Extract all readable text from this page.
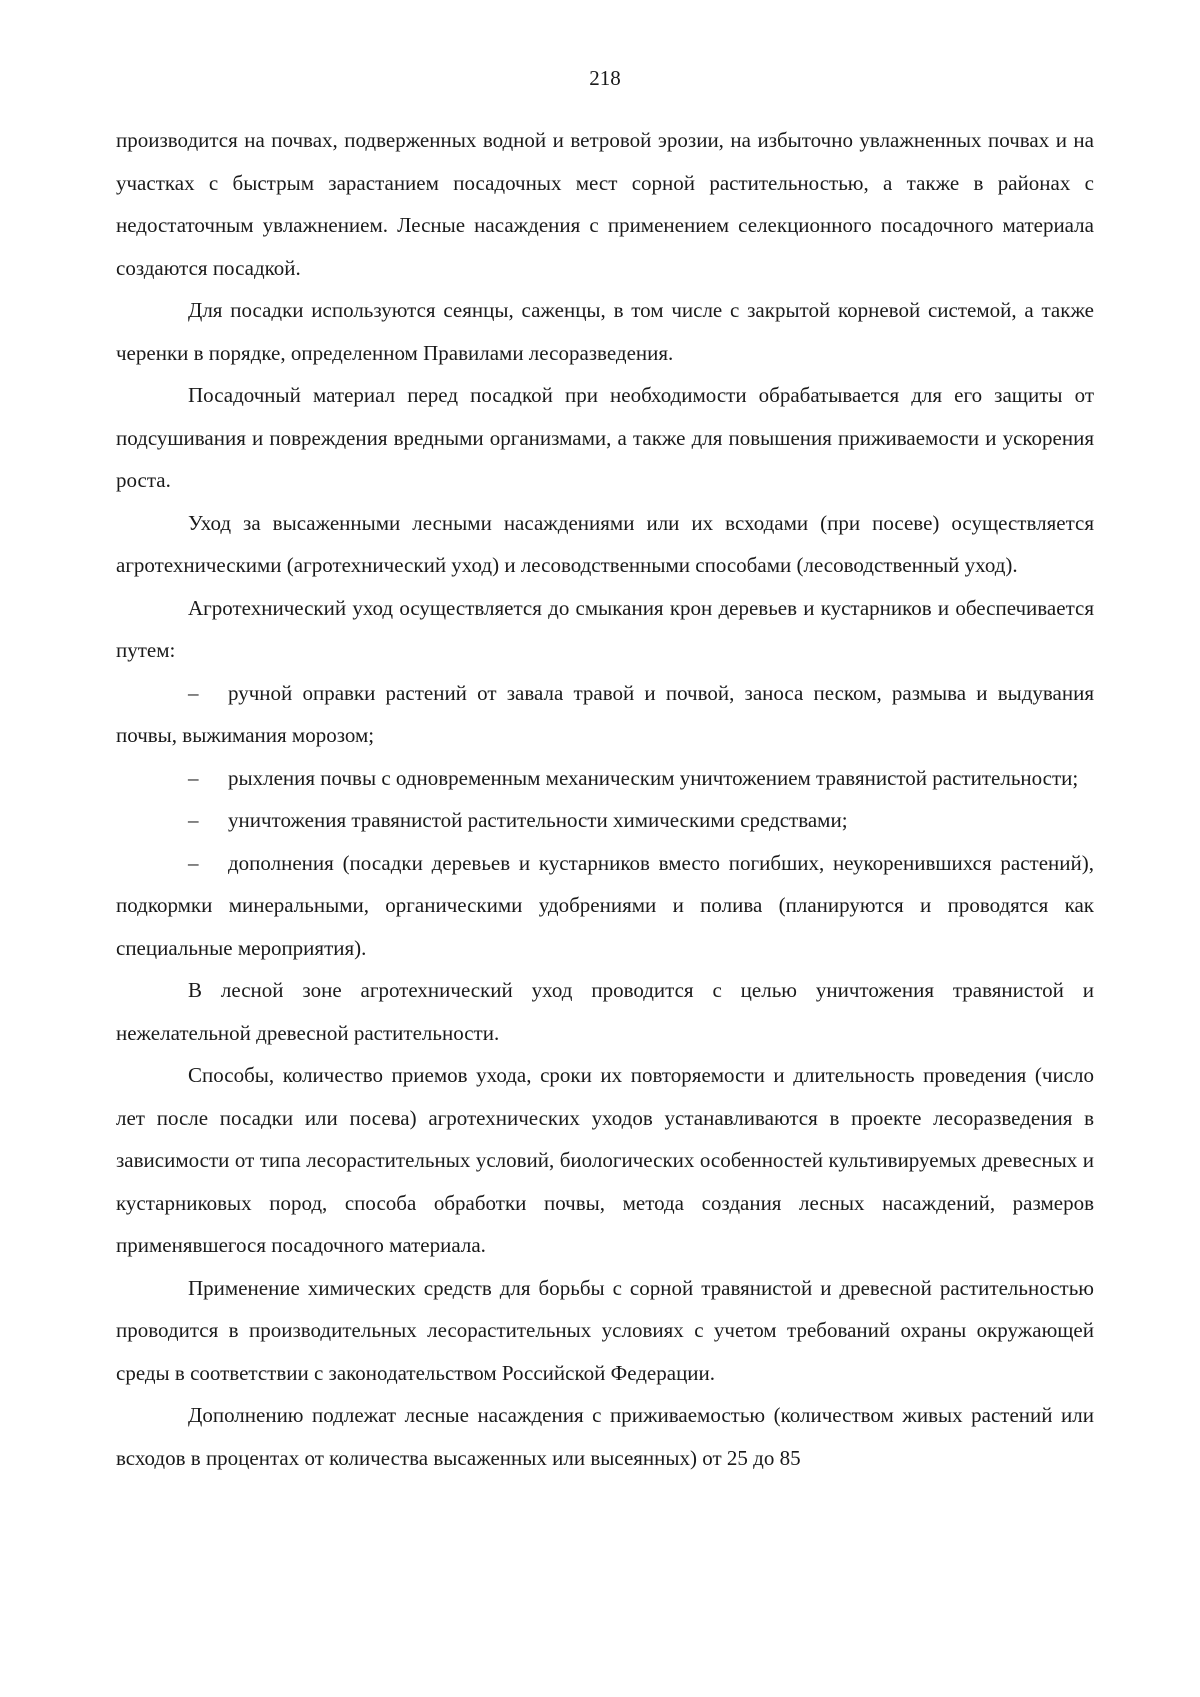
218

производится на почвах, подверженных водной и ветровой эрозии, на избыточно увлажненных почвах и на участках с быстрым зарастанием посадочных мест сорной растительностью, а также в районах с недостаточным увлажнением. Лесные насаждения с применением селекционного посадочного материала создаются посадкой.

Для посадки используются сеянцы, саженцы, в том числе с закрытой корневой системой, а также черенки в порядке, определенном Правилами лесоразведения.

Посадочный материал перед посадкой при необходимости обрабатывается для его защиты от подсушивания и повреждения вредными организмами, а также для повышения приживаемости и ускорения роста.

Уход за высаженными лесными насаждениями или их всходами (при посеве) осуществляется агротехническими (агротехнический уход) и лесоводственными способами (лесоводственный уход).

Агротехнический уход осуществляется до смыкания крон деревьев и кустарников и обеспечивается путем:

– ручной оправки растений от завала травой и почвой, заноса песком, размыва и выдувания почвы, выжимания морозом;

– рыхления почвы с одновременным механическим уничтожением травянистой растительности;

– уничтожения травянистой растительности химическими средствами;

– дополнения (посадки деревьев и кустарников вместо погибших, неукоренившихся растений), подкормки минеральными, органическими удобрениями и полива (планируются и проводятся как специальные мероприятия).

В лесной зоне агротехнический уход проводится с целью уничтожения травянистой и нежелательной древесной растительности.

Способы, количество приемов ухода, сроки их повторяемости и длительность проведения (число лет после посадки или посева) агротехнических уходов устанавливаются в проекте лесоразведения в зависимости от типа лесорастительных условий, биологических особенностей культивируемых древесных и кустарниковых пород, способа обработки почвы, метода создания лесных насаждений, размеров применявшегося посадочного материала.

Применение химических средств для борьбы с сорной травянистой и древесной растительностью проводится в производительных лесорастительных условиях с учетом требований охраны окружающей среды в соответствии с законодательством Российской Федерации.

Дополнению подлежат лесные насаждения с приживаемостью (количеством живых растений или всходов в процентах от количества высаженных или высеянных) от 25 до 85
